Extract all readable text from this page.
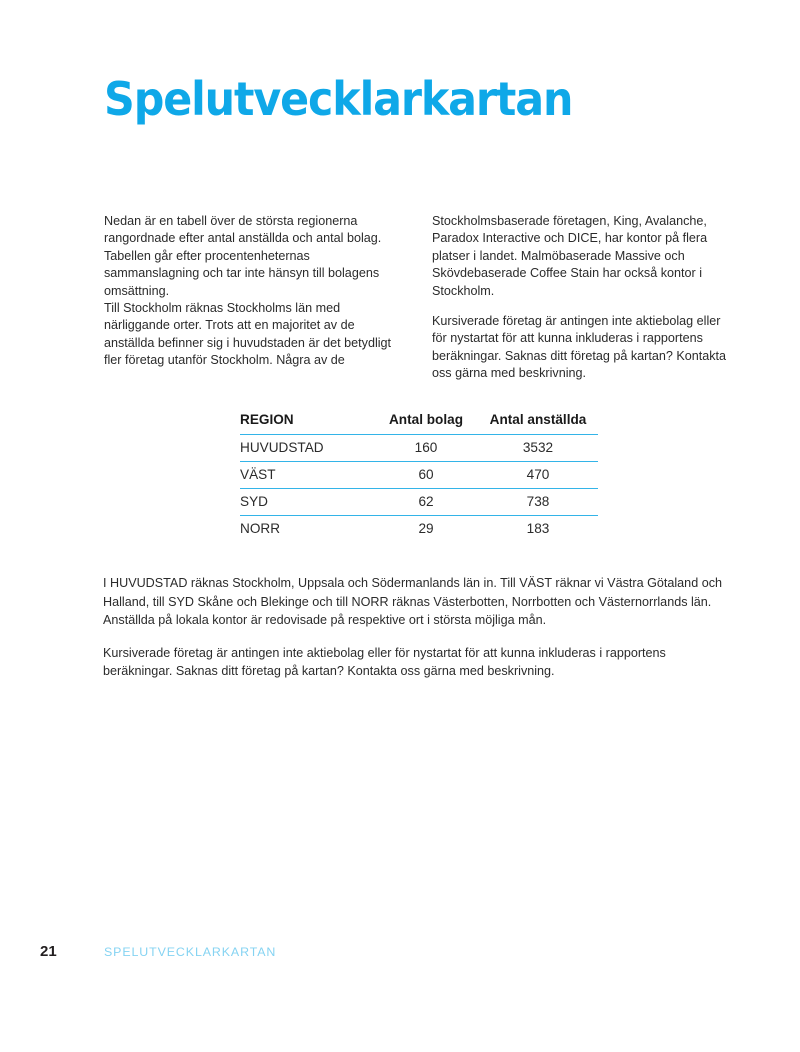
Spelutvecklarkartan

Nedan är en tabell över de största regionerna rangordnade efter antal anställda och antal bolag. Tabellen går efter procentenheternas sammanslagning och tar inte hänsyn till bolagens omsättning.

Till Stockholm räknas Stockholms län med närliggande orter. Trots att en majoritet av de anställda befinner sig i huvudstaden är det betydligt fler företag utanför Stockholm. Några av de

Stockholmsbaserade företagen, King, Avalanche, Paradox Interactive och DICE, har kontor på flera platser i landet. Malmöbaserade Massive och Skövdebaserade Coffee Stain har också kontor i Stockholm.

Kursiverade företag är antingen inte aktiebolag eller för nystartat för att kunna inkluderas i rapportens beräkningar. Saknas ditt företag på kartan? Kontakta oss gärna med beskrivning.

REGION	Antal bolag	Antal anställda
HUVUDSTAD	160	3532
VÄST	60	470
SYD	62	738
NORR	29	183

I HUVUDSTAD räknas Stockholm, Uppsala och Södermanlands län in. Till VÄST räknar vi Västra Götaland och Halland, till SYD Skåne och Blekinge och till NORR räknas Västerbotten, Norrbotten och Västernorrlands län. Anställda på lokala kontor är redovisade på respektive ort i största möjliga mån.

Kursiverade företag är antingen inte aktiebolag eller för nystartat för att kunna inkluderas i rapportens beräkningar. Saknas ditt företag på kartan? Kontakta oss gärna med beskrivning.

21	SPELUTVECKLARKARTAN
